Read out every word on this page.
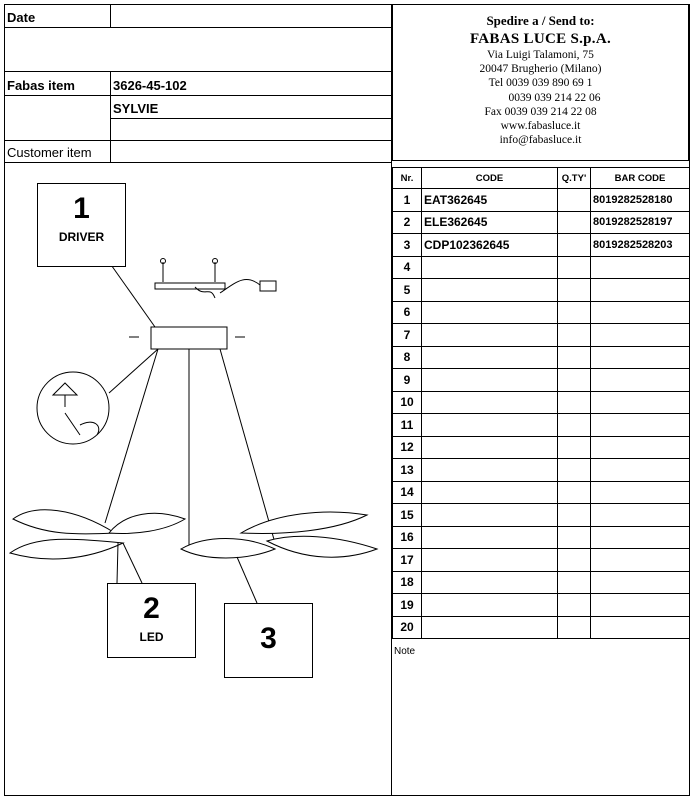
Date
Fabas item	3626-45-102
SYLVIE
Customer item
Spedire a / Send to:
FABAS LUCE S.p.A.
Via Luigi Talamoni, 75
20047 Brugherio (Milano)
Tel 0039 039 890 69 1
0039 039 214 22 06
Fax 0039 039 214 22 08
www.fabasluce.it
info@fabasluce.it
Nr.	CODE	Q.TY'	BAR CODE
1	EAT362645		8019282528180
2	ELE362645		8019282528197
3	CDP102362645		8019282528203
4			
5			
6			
7			
8			
9			
10			
11			
12			
13			
14			
15			
16			
17			
18			
19			
20			
Note
1
DRIVER
2
LED	3
